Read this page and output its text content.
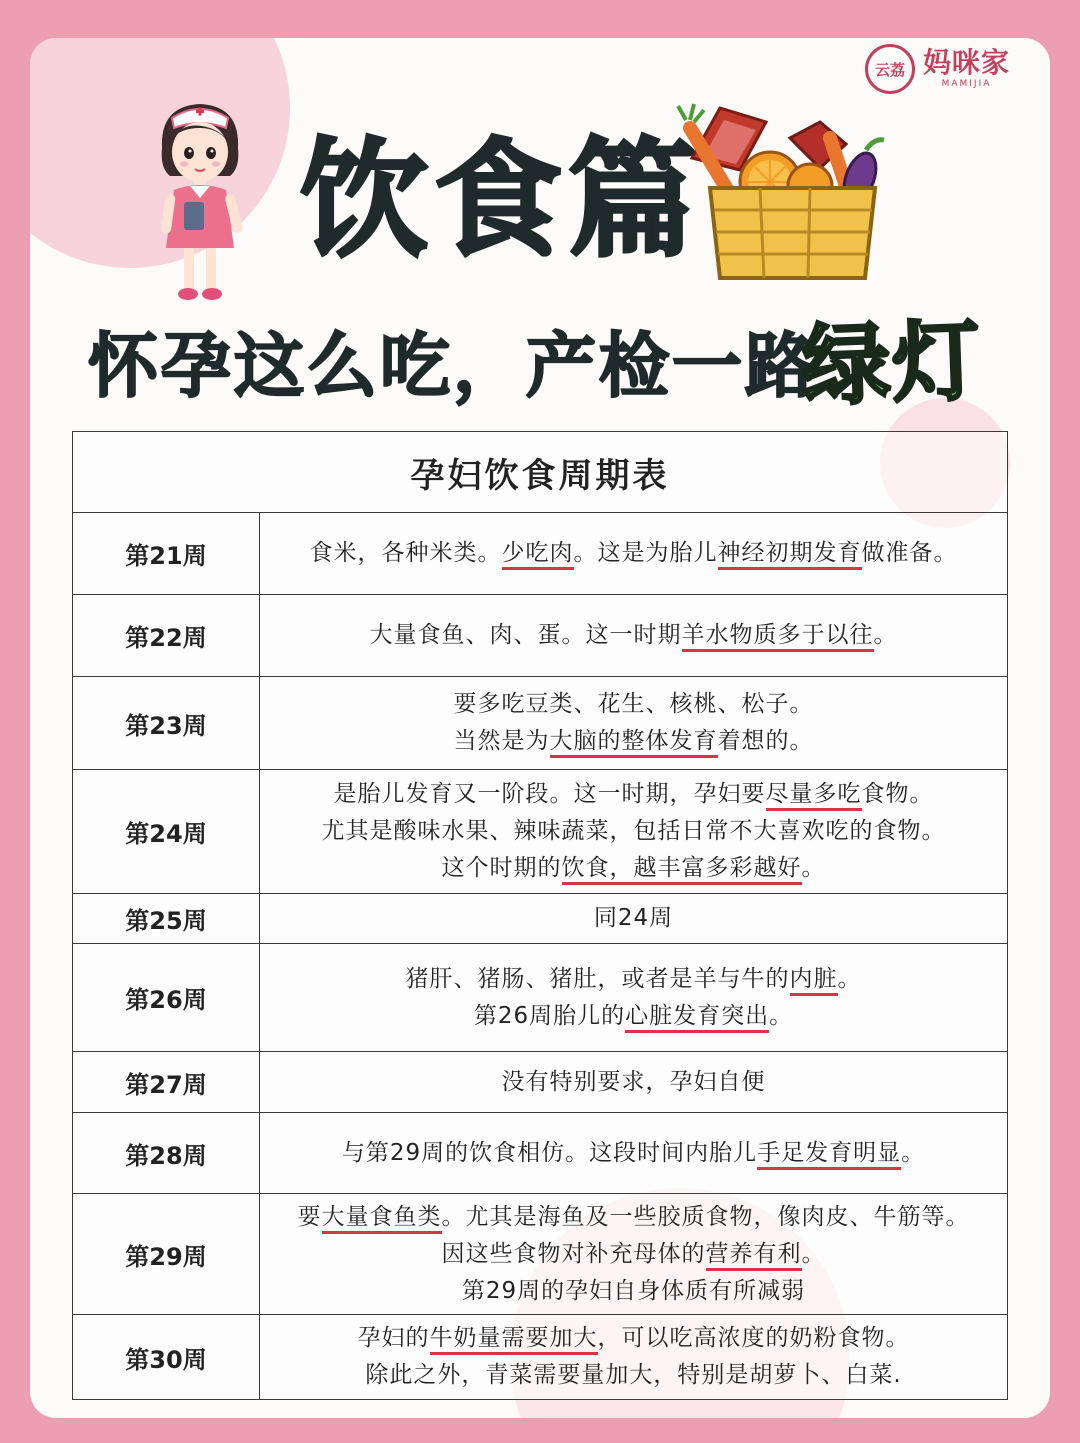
云荔 妈咪家
MAMIJIA
饮食篇
怀孕这么吃，产检一路
绿灯
孕妇饮食周期表	
第21周	食米，各种米类。少吃肉。这是为胎儿神经初期发育做准备。

第22周	大量食鱼、肉、蛋。这一时期羊水物质多于以往。

第23周	要多吃豆类、花生、核桃、松子。
当然是为大脑的整体发育着想的。

第24周	是胎儿发育又一阶段。这一时期，孕妇要尽量多吃食物。
尤其是酸味水果、辣味蔬菜，包括日常不大喜欢吃的食物。
这个时期的饮食，越丰富多彩越好。

第25周	同24周

第26周	猪肝、猪肠、猪肚，或者是羊与牛的内脏。
第26周胎儿的心脏发育突出。

第27周	没有特别要求，孕妇自便

第28周	与第29周的饮食相仿。这段时间内胎儿手足发育明显。

第29周	要大量食鱼类。尤其是海鱼及一些胶质食物，像肉皮、牛筋等。
因这些食物对补充母体的营养有利。
第29周的孕妇自身体质有所减弱

第30周	孕妇的牛奶量需要加大，可以吃高浓度的奶粉食物。
除此之外，青菜需要量加大，特别是胡萝卜、白菜.
